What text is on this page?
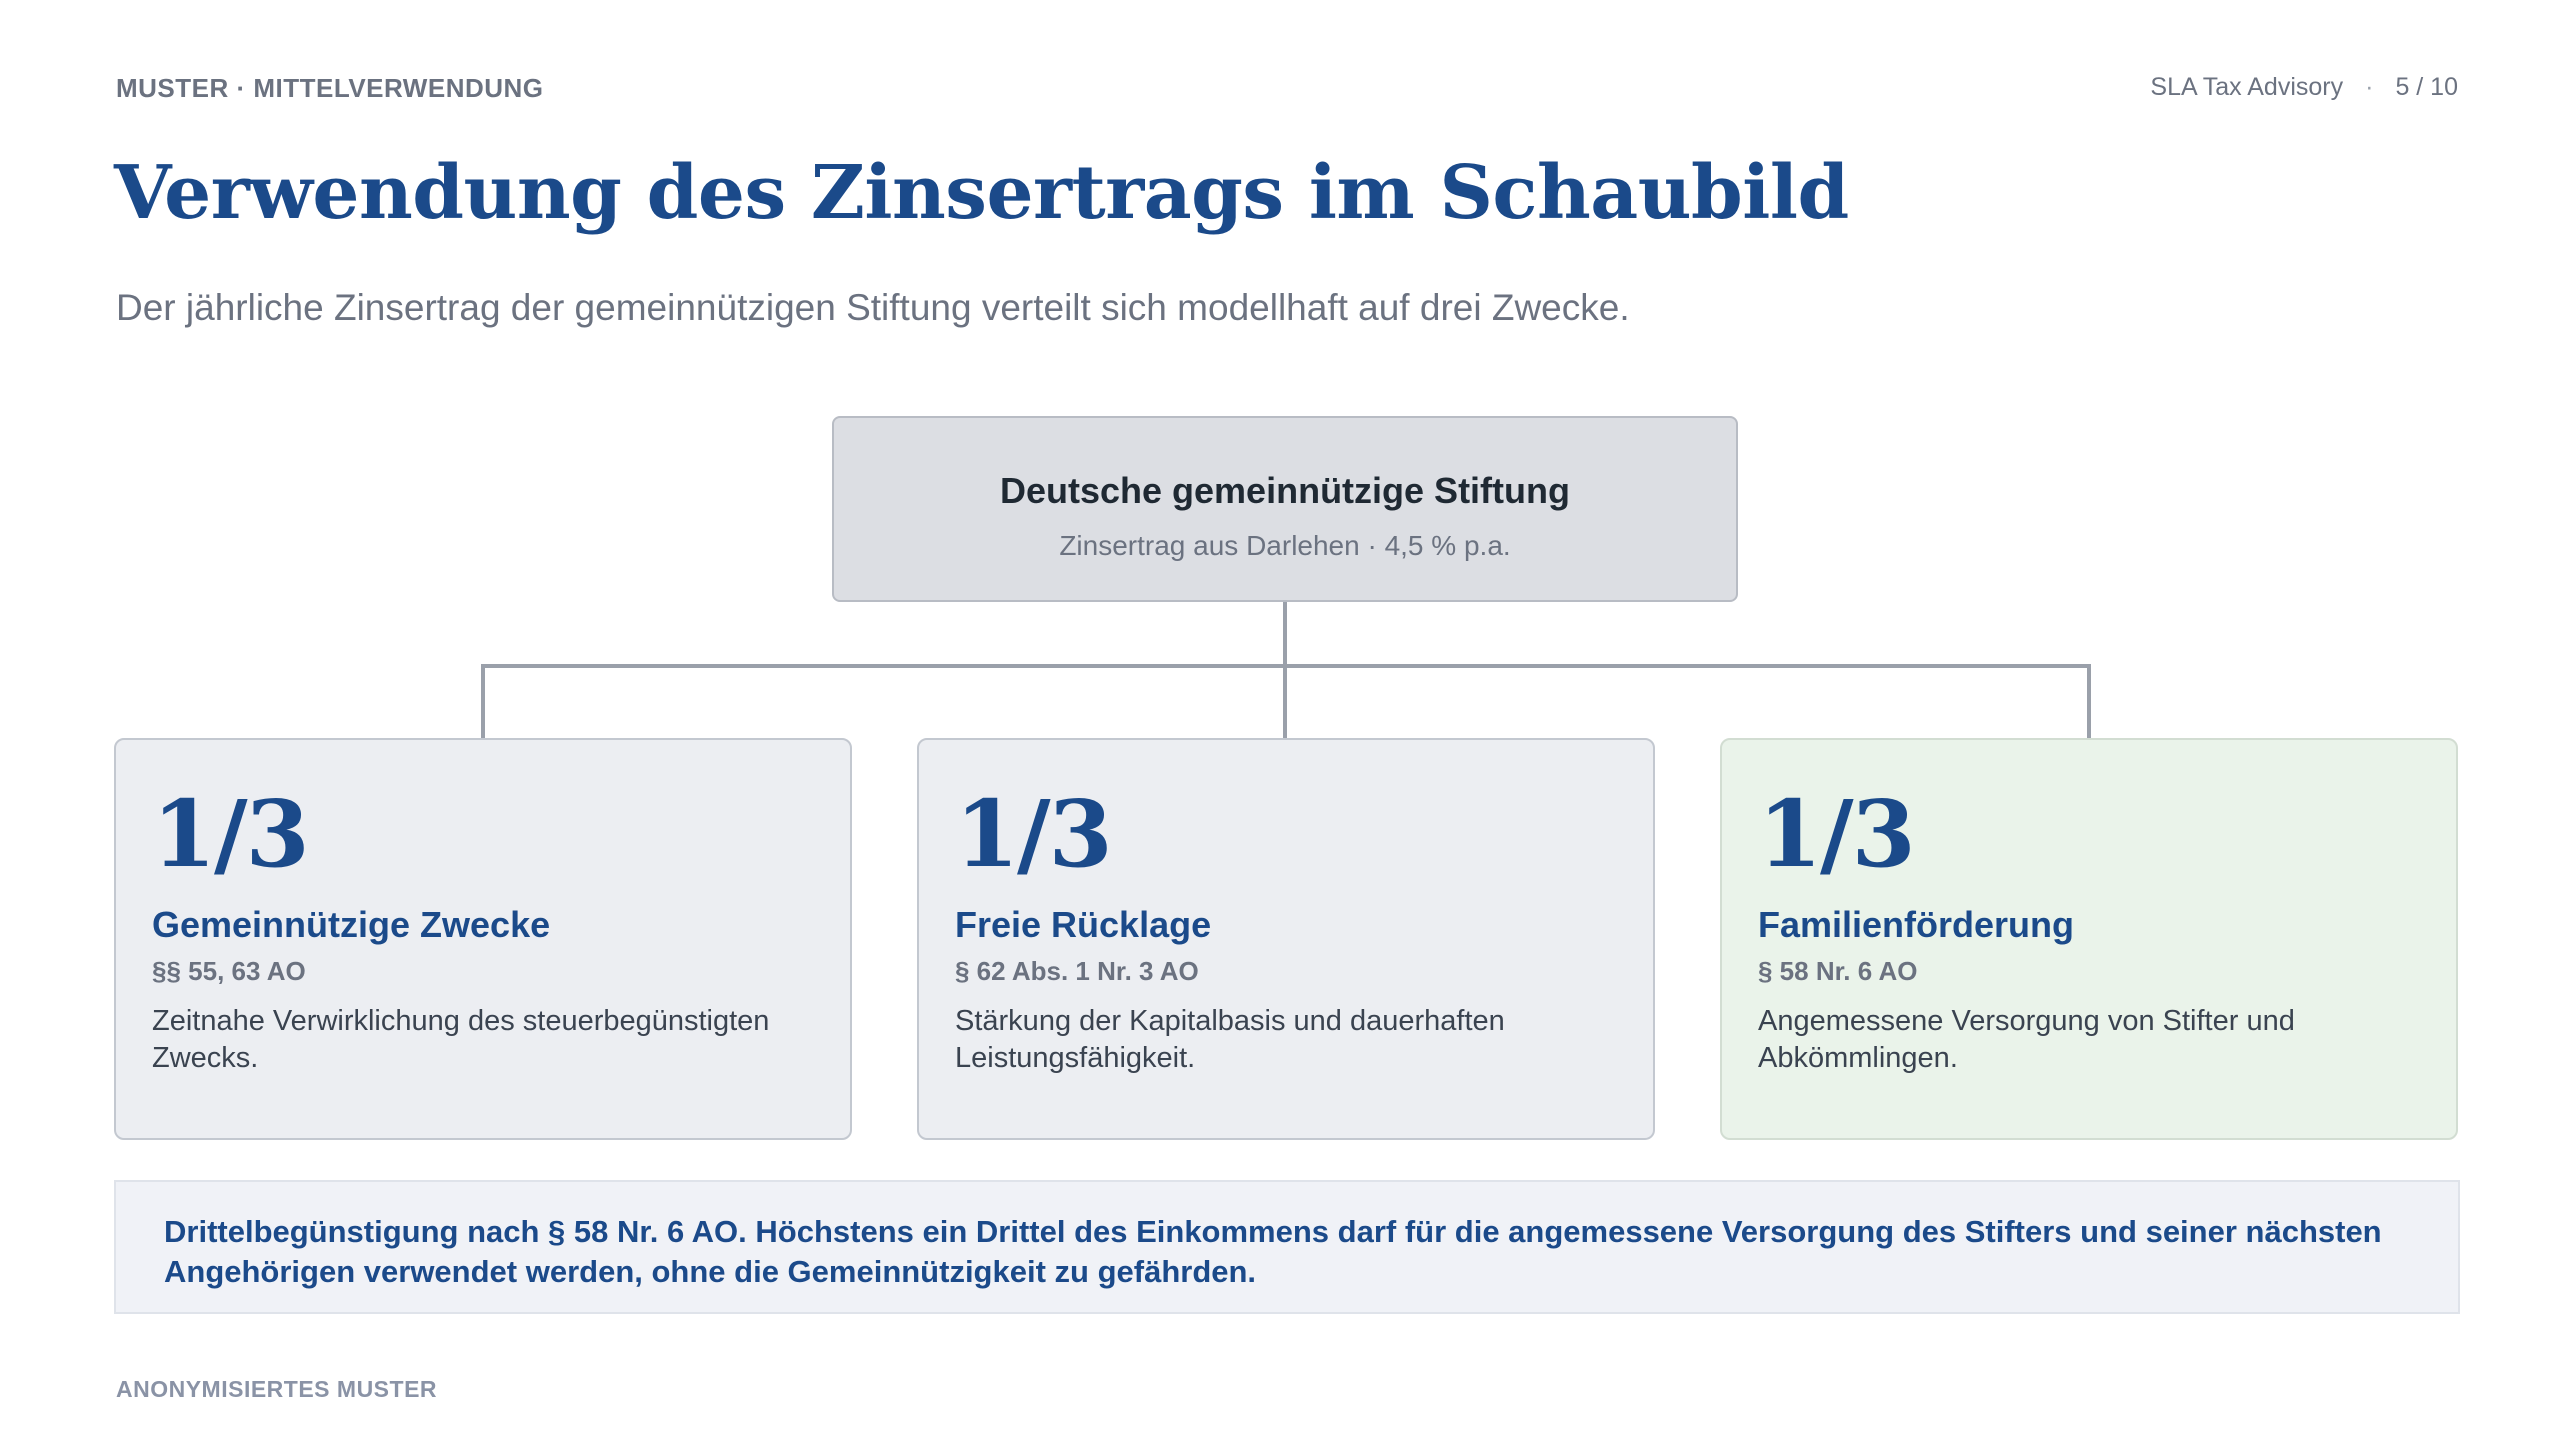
MUSTER · MITTELVERWENDUNG	SLA Tax Advisory · 5 / 10
Verwendung des Zinsertrags im Schaubild

Der jährliche Zinsertrag der gemeinnützigen Stiftung verteilt sich modellhaft auf drei Zwecke.

Deutsche gemeinnützige Stiftung
Zinsertrag aus Darlehen · 4,5 % p.a.
1/3
Gemeinnützige Zwecke
§§ 55, 63 AO
Zeitnahe Verwirklichung des steuerbegünstigten Zwecks.
1/3
Freie Rücklage
§ 62 Abs. 1 Nr. 3 AO
Stärkung der Kapitalbasis und dauerhaften Leistungsfähigkeit.
1/3
Familienförderung
§ 58 Nr. 6 AO
Angemessene Versorgung von Stifter und Abkömmlingen.

Drittelbegünstigung nach § 58 Nr. 6 AO. Höchstens ein Drittel des Einkommens darf für die angemessene Versorgung des Stifters und seiner nächsten Angehörigen verwendet werden, ohne die Gemeinnützigkeit zu gefährden.

ANONYMISIERTES MUSTER
